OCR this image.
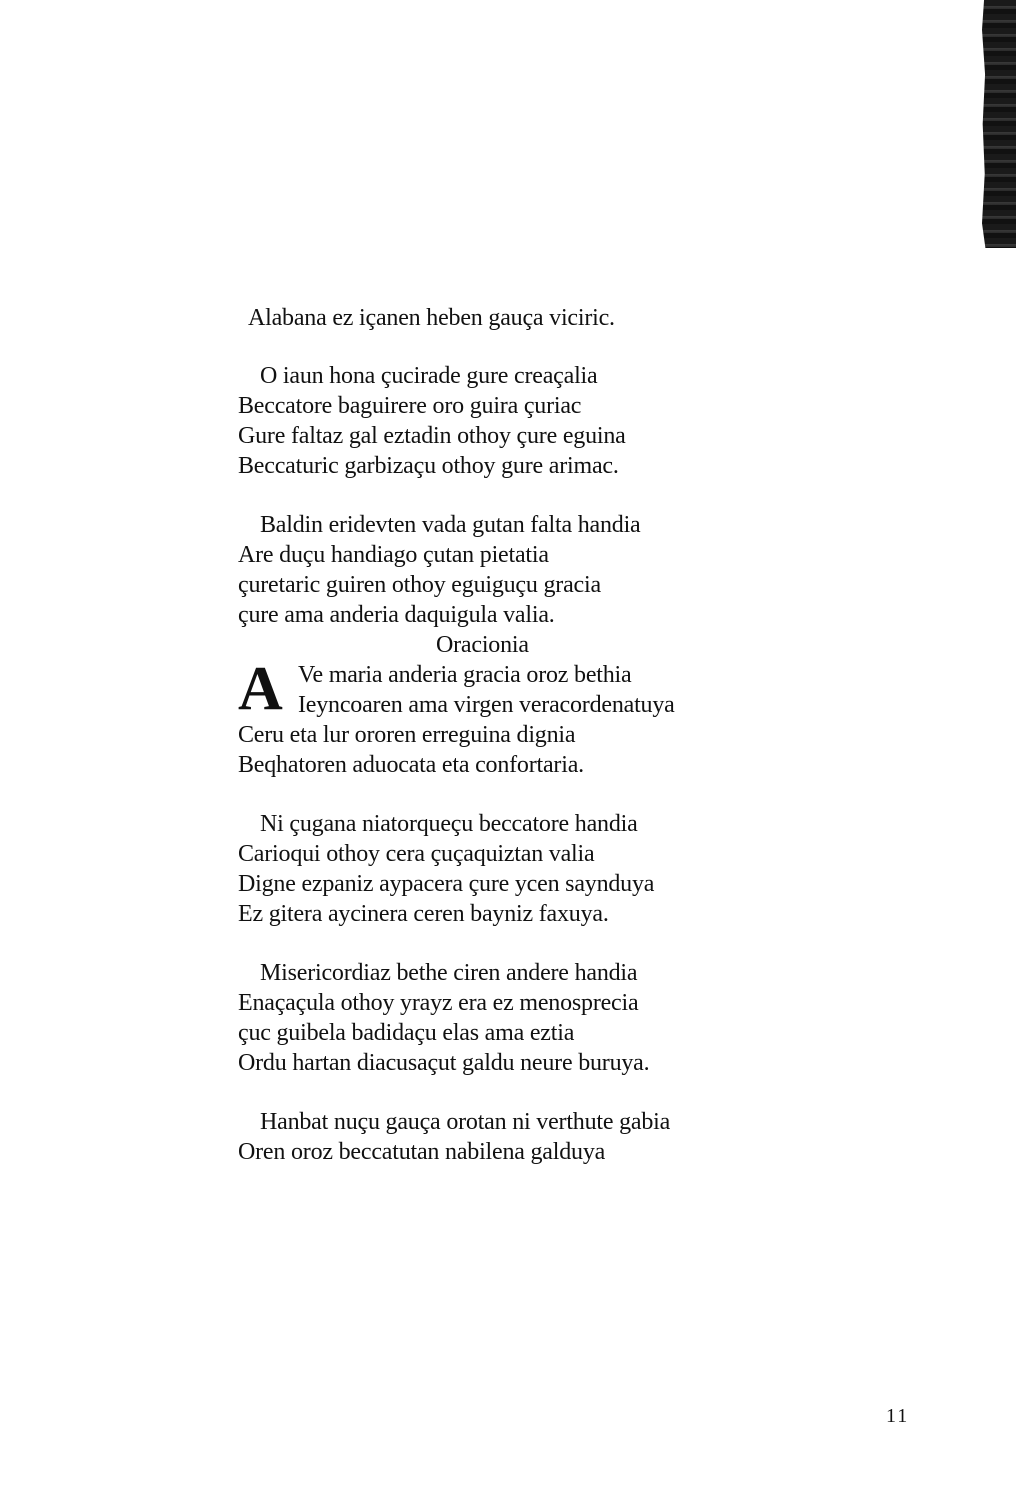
Alabana ez içanen heben gauça viciric.
O iaun hona çucirade gure creaçalia
Beccatore baguirere oro guira çuriac
Gure faltaz gal eztadin othoy çure eguina
Beccaturic garbizaçu othoy gure arimac.
Baldin eridevten vada gutan falta handia
Are duçu handiago çutan pietatia
çuretaric guiren othoy eguiguçu gracia
çure ama anderia daquigula valia.
Oracionia
A Ve maria anderia gracia oroz bethia
Ieyncoaren ama virgen veracordenatuya
Ceru eta lur ororen erreguina dignia
Beqhatoren aduocata eta confortaria.
Ni çugana niatorqueçu beccatore handia
Carioqui othoy cera çuçaquiztan valia
Digne ezpaniz aypacera çure ycen saynduya
Ez gitera aycinera ceren bayniz faxuya.
Misericordiaz bethe ciren andere handia
Enaçaçula othoy yrayz era ez menosprecia
çuc guibela badidaçu elas ama eztia
Ordu hartan diacusaçut galdu neure buruya.
Hanbat nuçu gauça orotan ni verthute gabia
Oren oroz beccatutan nabilena galduya
11
